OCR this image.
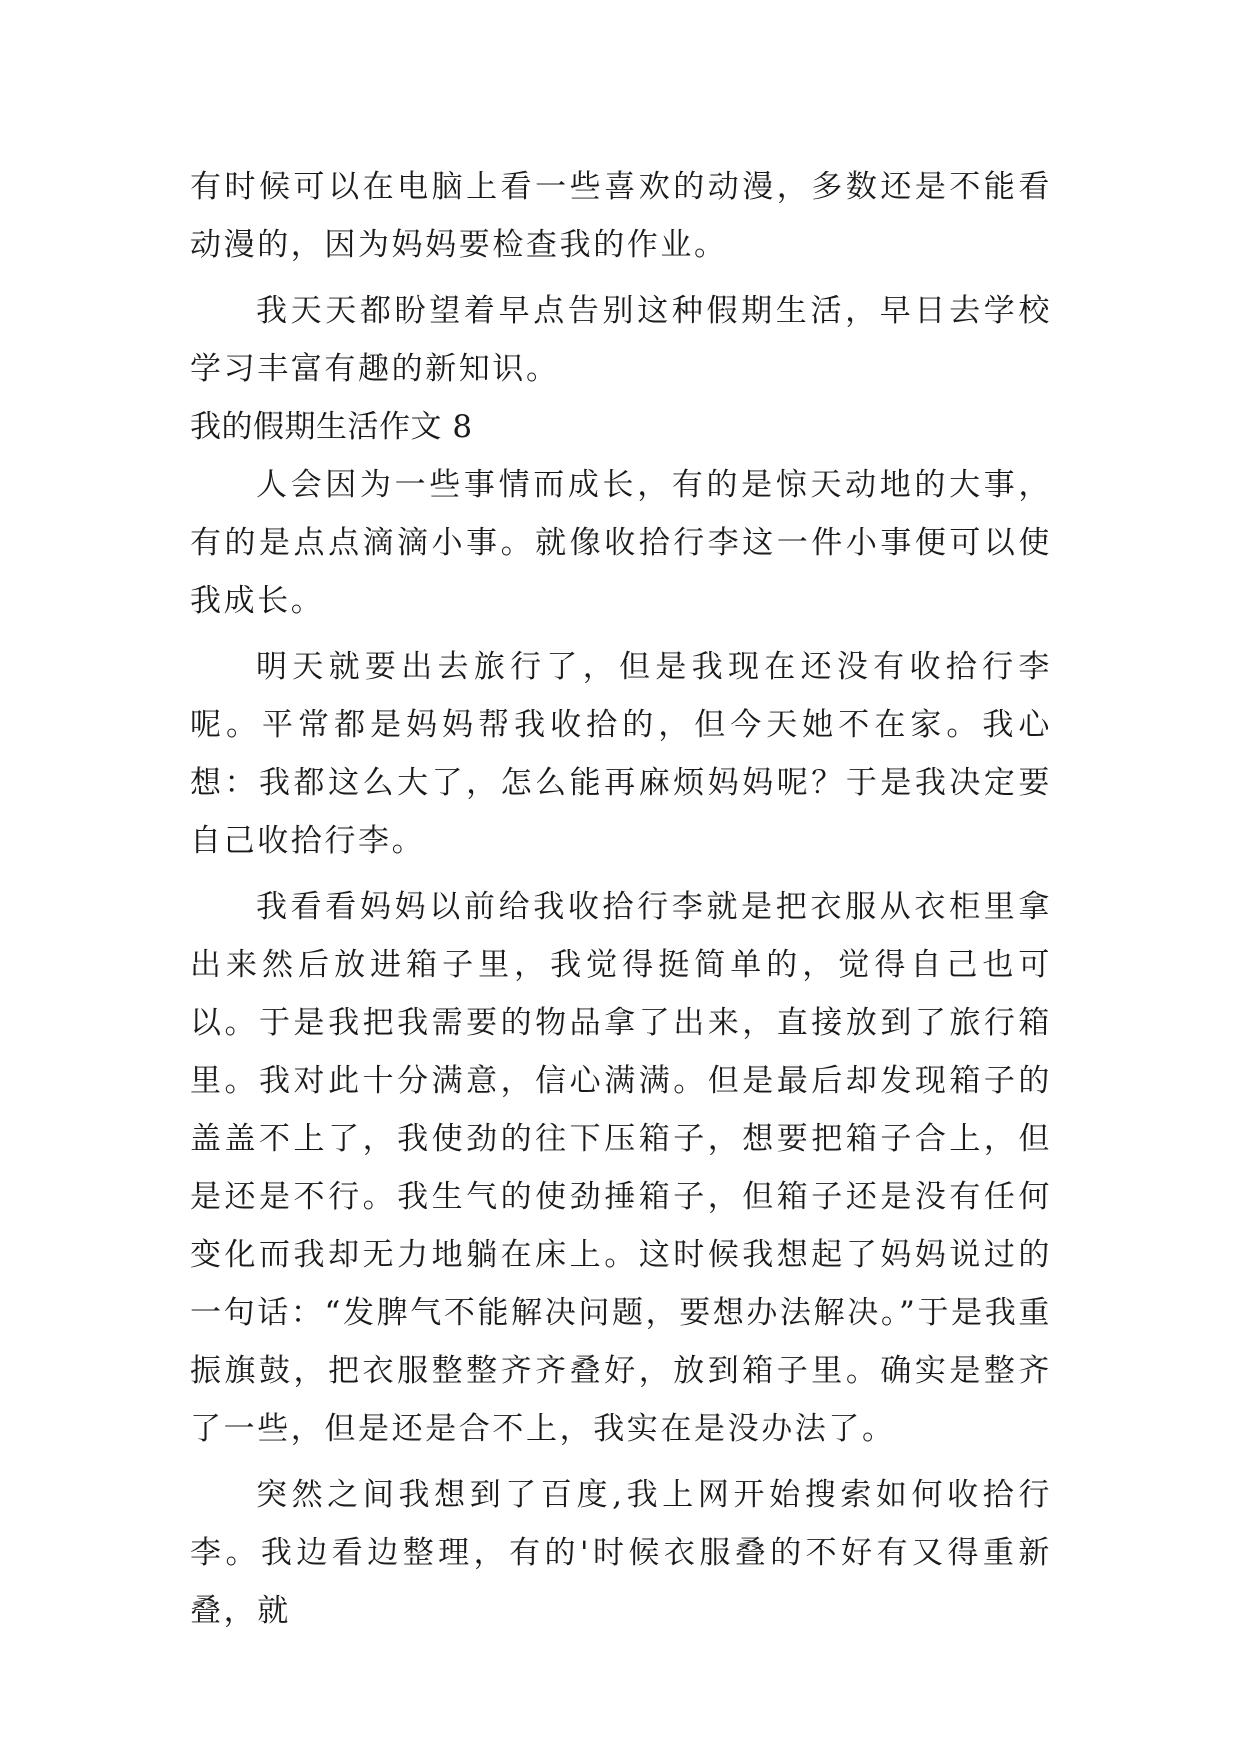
有时候可以在电脑上看一些喜欢的动漫，多数还是不能看动漫的，因为妈妈要检查我的作业。

我天天都盼望着早点告别这种假期生活，早日去学校学习丰富有趣的新知识。

我的假期生活作文 8

人会因为一些事情而成长，有的是惊天动地的大事，有的是点点滴滴小事。就像收拾行李这一件小事便可以使我成长。

明天就要出去旅行了，但是我现在还没有收拾行李呢。平常都是妈妈帮我收拾的，但今天她不在家。我心想：我都这么大了，怎么能再麻烦妈妈呢？于是我决定要自己收拾行李。

我看看妈妈以前给我收拾行李就是把衣服从衣柜里拿出来然后放进箱子里，我觉得挺简单的，觉得自己也可以。于是我把我需要的物品拿了出来，直接放到了旅行箱里。我对此十分满意，信心满满。但是最后却发现箱子的盖盖不上了，我使劲的往下压箱子，想要把箱子合上，但是还是不行。我生气的使劲捶箱子，但箱子还是没有任何变化而我却无力地躺在床上。这时候我想起了妈妈说过的一句话：“发脾气不能解决问题，要想办法解决。”于是我重振旗鼓，把衣服整整齐齐叠好，放到箱子里。确实是整齐了一些，但是还是合不上，我实在是没办法了。

突然之间我想到了百度,我上网开始搜索如何收拾行李。我边看边整理，有的'时候衣服叠的不好有又得重新叠，就
